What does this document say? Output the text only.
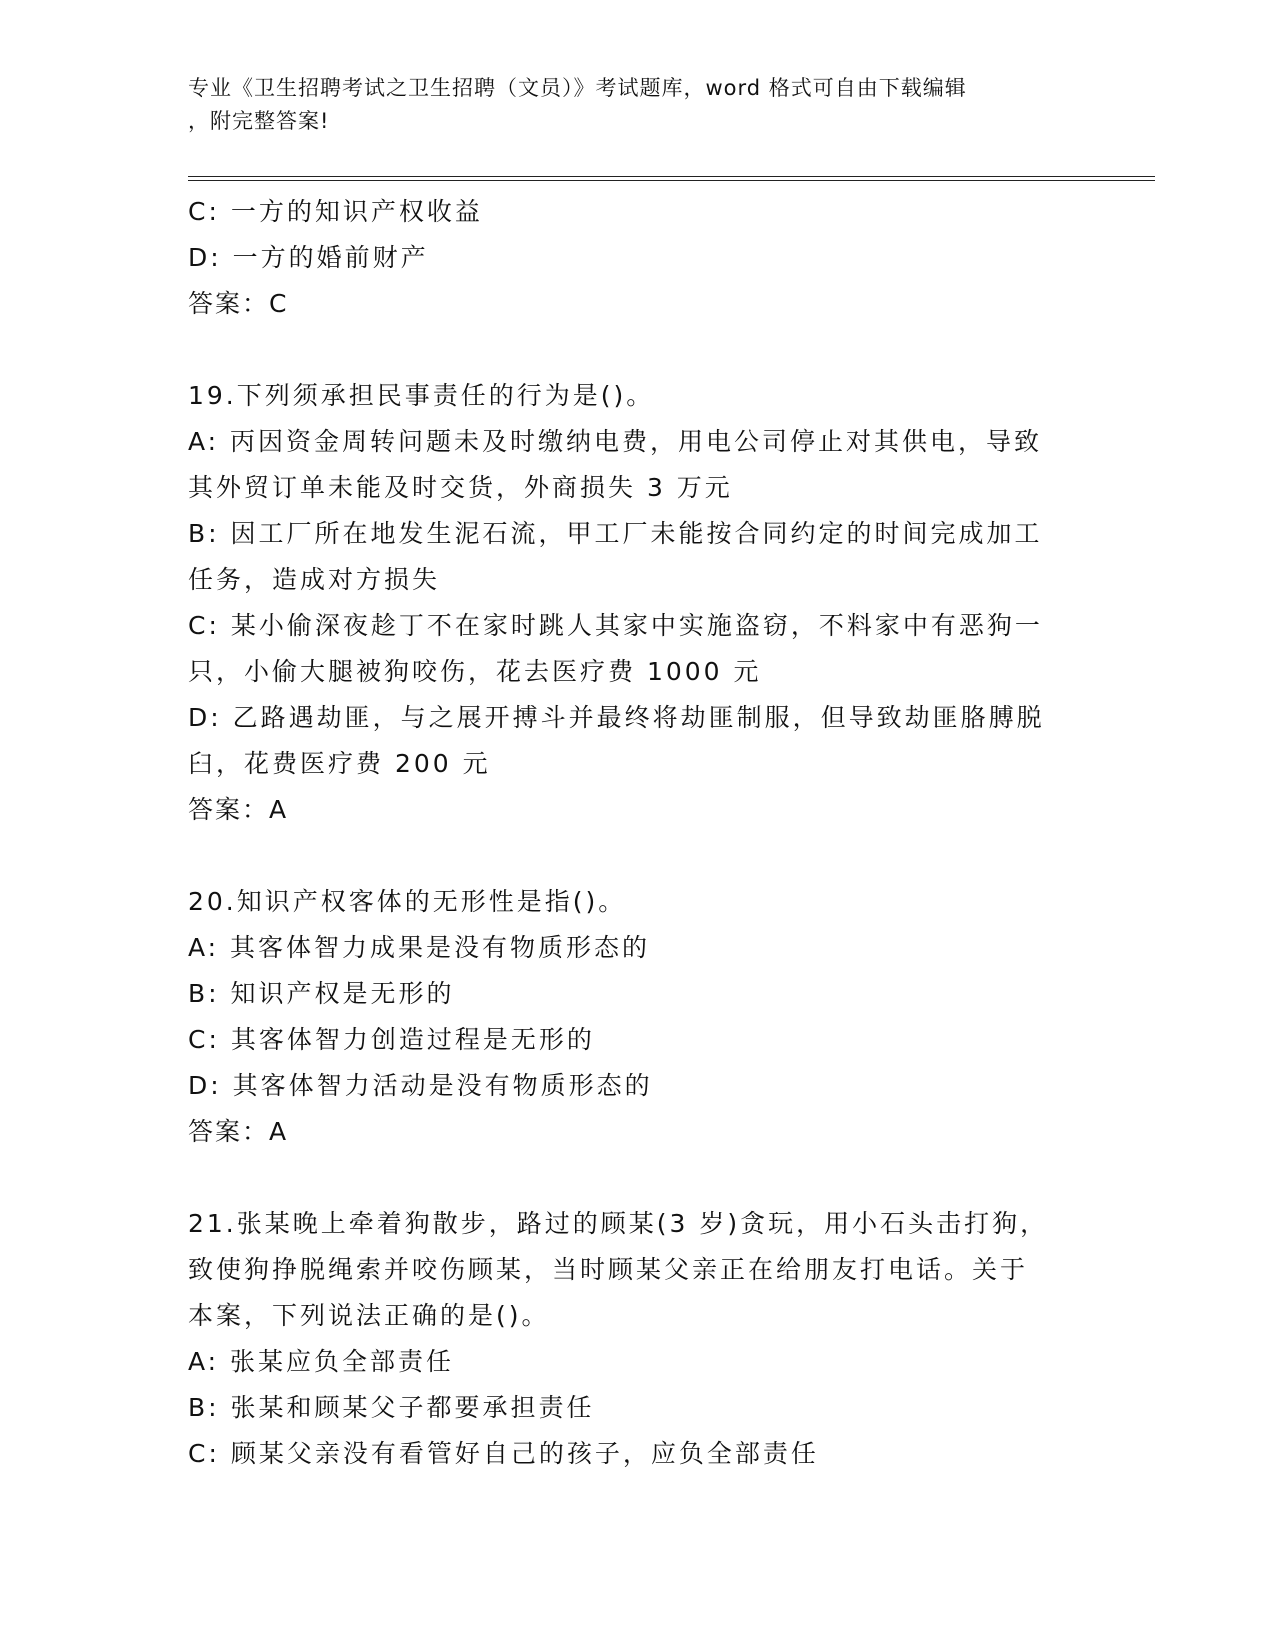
专业《卫生招聘考试之卫生招聘（文员）》考试题库，word 格式可自由下载编辑
，附完整答案!
C: 一方的知识产权收益
D: 一方的婚前财产
答案：C
19.下列须承担民事责任的行为是()。
A: 丙因资金周转问题未及时缴纳电费，用电公司停止对其供电，导致
其外贸订单未能及时交货，外商损失 3 万元
B: 因工厂所在地发生泥石流，甲工厂未能按合同约定的时间完成加工
任务，造成对方损失
C: 某小偷深夜趁丁不在家时跳人其家中实施盗窃，不料家中有恶狗一
只，小偷大腿被狗咬伤，花去医疗费 1000 元
D: 乙路遇劫匪，与之展开搏斗并最终将劫匪制服，但导致劫匪胳膊脱
臼，花费医疗费 200 元
答案：A
20.知识产权客体的无形性是指()。
A: 其客体智力成果是没有物质形态的
B: 知识产权是无形的
C: 其客体智力创造过程是无形的
D: 其客体智力活动是没有物质形态的
答案：A
21.张某晚上牵着狗散步，路过的顾某(3 岁)贪玩，用小石头击打狗，
致使狗挣脱绳索并咬伤顾某，当时顾某父亲正在给朋友打电话。关于
本案，下列说法正确的是()。
A: 张某应负全部责任
B: 张某和顾某父子都要承担责任
C: 顾某父亲没有看管好自己的孩子，应负全部责任
